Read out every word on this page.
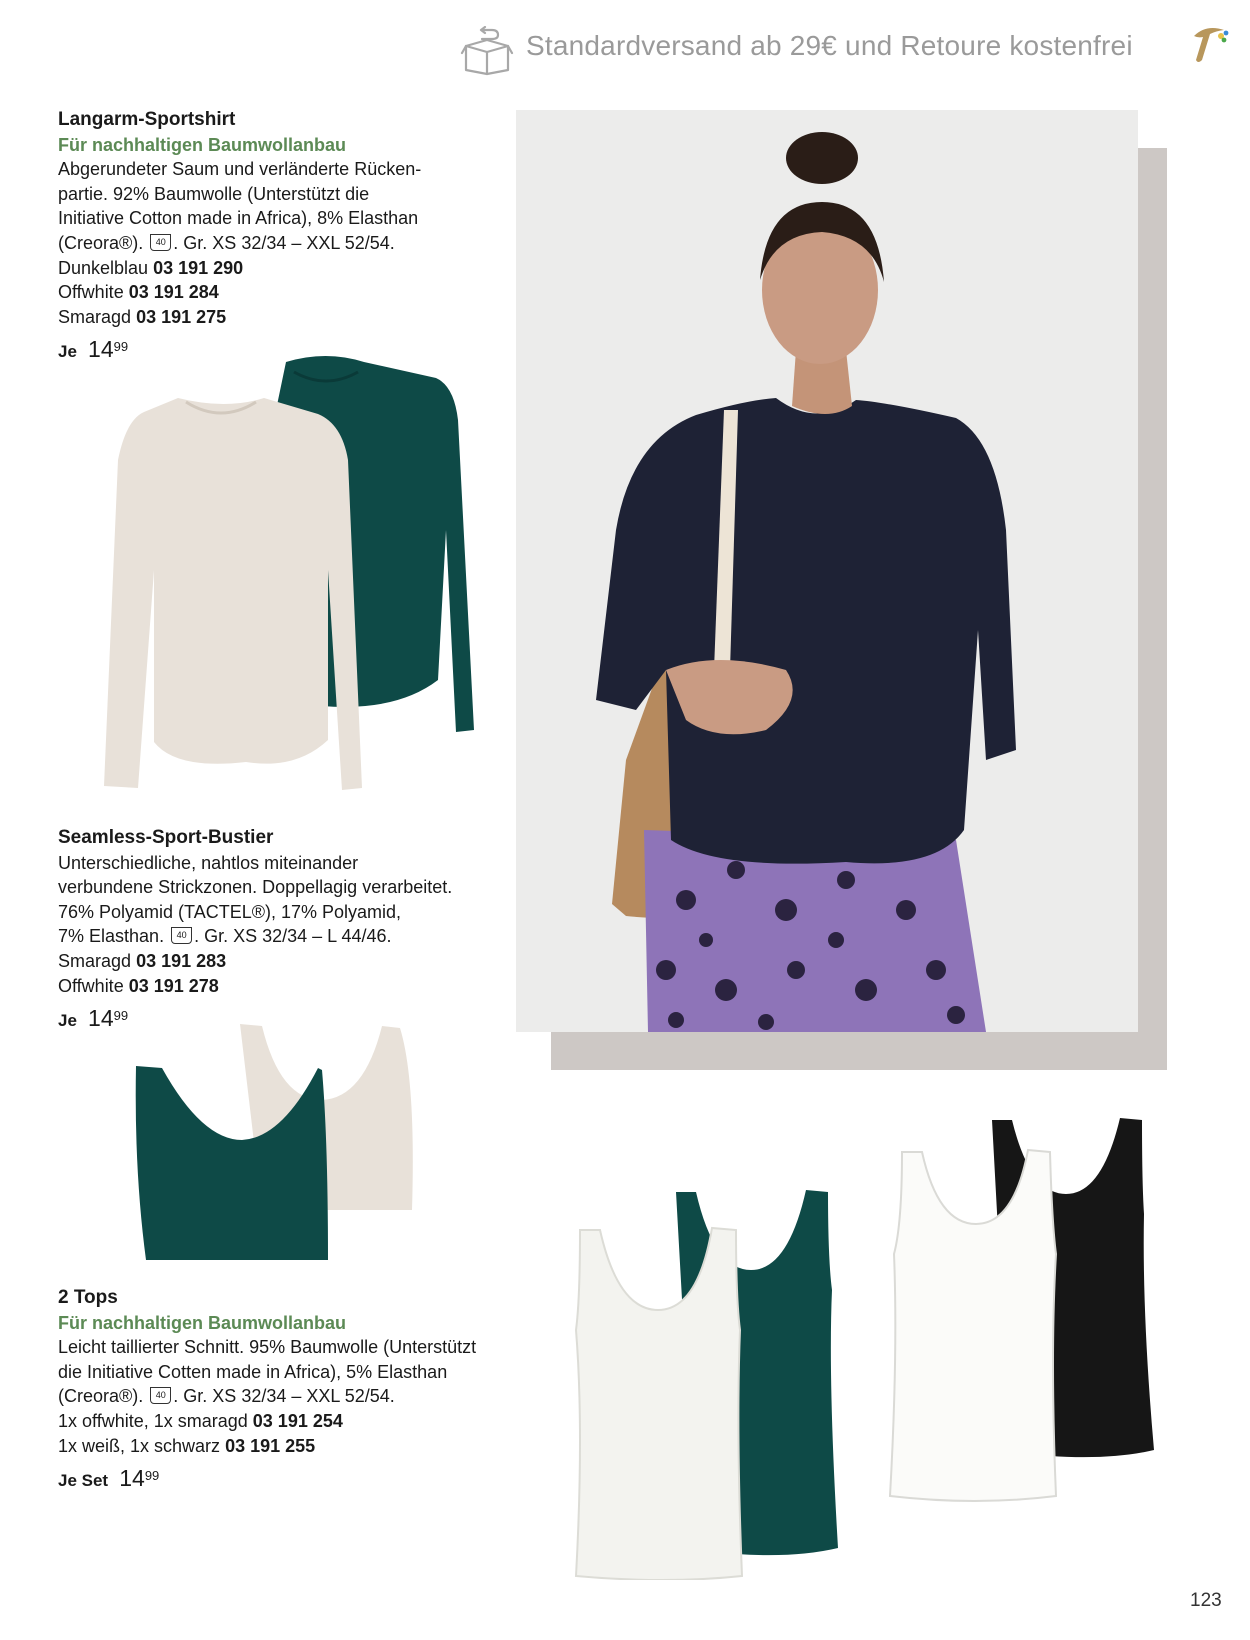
Standardversand ab 29€ und Retoure kostenfrei
Langarm-Sportshirt
Für nachhaltigen Baumwollanbau
Abgerundeter Saum und verländerte Rücken-
partie. 92% Baumwolle (Unterstützt die
Initiative Cotton made in Africa), 8% Elasthan
(Creora®). 40 . Gr. XS 32/34 – XXL 52/54.
Dunkelblau 03 191 290
Offwhite 03 191 284
Smaragd 03 191 275
Je $14^{99}$
Seamless-Sport-Bustier
Unterschiedliche, nahtlos miteinander
verbundene Strickzonen. Doppellagig verarbeitet.
76% Polyamid (TACTEL®), 17% Polyamid,
7% Elasthan. 40 . Gr. XS 32/34 – L 44/46.
Smaragd 03 191 283
Offwhite 03 191 278
Je $14^{99}$
2 Tops
Für nachhaltigen Baumwollanbau
Leicht taillierter Schnitt. 95% Baumwolle (Unterstützt
die Initiative Cotten made in Africa), 5% Elasthan
(Creora®). 40 . Gr. XS 32/34 – XXL 52/54.
1x offwhite, 1x smaragd 03 191 254
1x weiß, 1x schwarz 03 191 255
Je Set $14^{99}$
123
